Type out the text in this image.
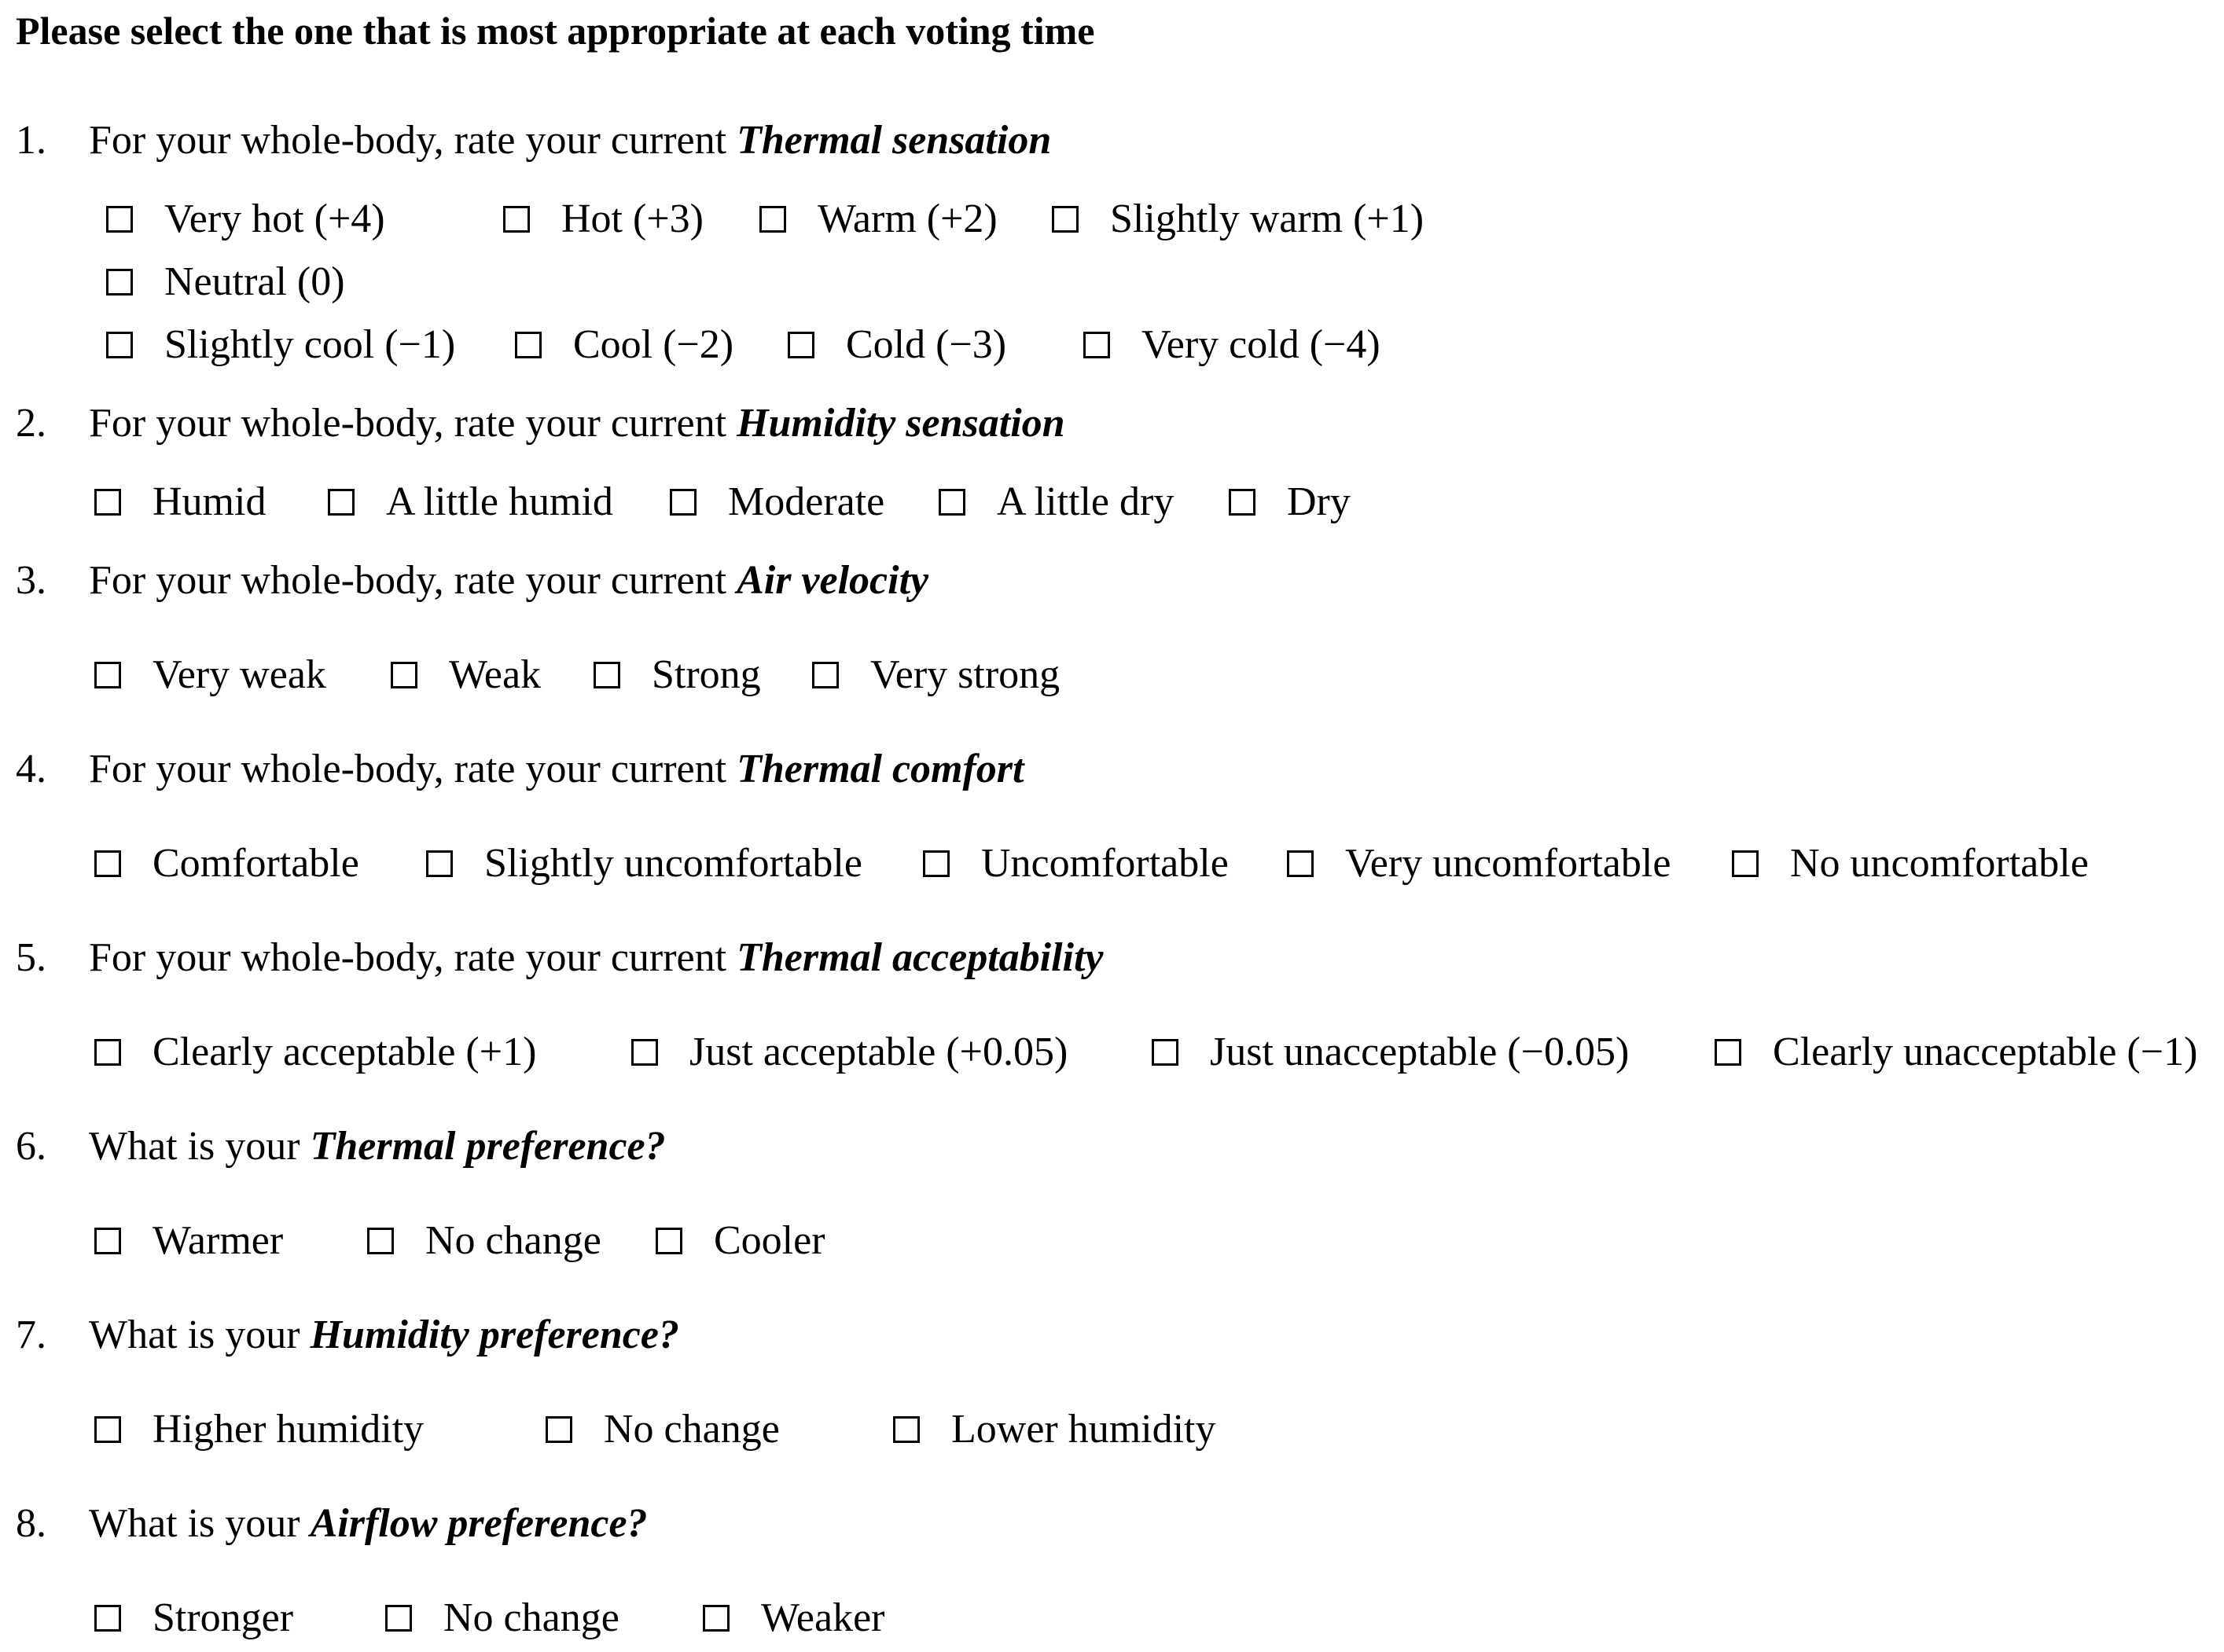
Please select the one that is most appropriate at each voting time
1. For your whole-body, rate your current Thermal sensation
Very hot (+4)	Hot (+3)	Warm (+2)	Slightly warm (+1)
Neutral (0)
Slightly cool (−1)	Cool (−2)	Cold (−3)	Very cold (−4)
2. For your whole-body, rate your current Humidity sensation
Humid	A little humid	Moderate	A little dry	Dry
3. For your whole-body, rate your current Air velocity
Very weak	Weak	Strong	Very strong
4. For your whole-body, rate your current Thermal comfort
Comfortable	Slightly uncomfortable	Uncomfortable	Very uncomfortable	No uncomfortable
5. For your whole-body, rate your current Thermal acceptability
Clearly acceptable (+1)	Just acceptable (+0.05)	Just unacceptable (−0.05)	Clearly unacceptable (−1)
6. What is your Thermal preference?
Warmer	No change	Cooler
7. What is your Humidity preference?
Higher humidity	No change	Lower humidity
8. What is your Airflow preference?
Stronger	No change	Weaker
